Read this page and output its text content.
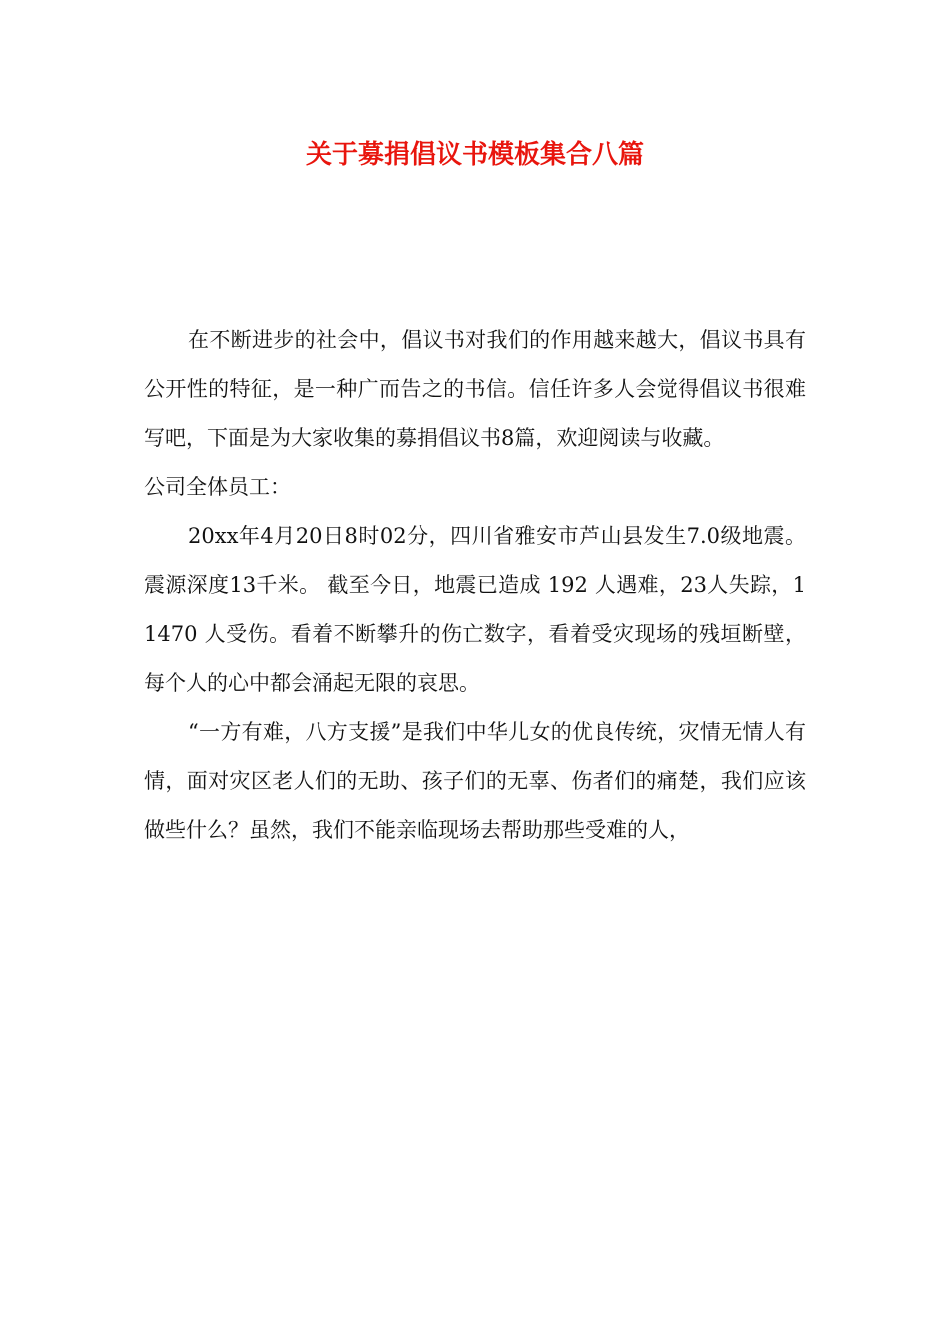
关于募捐倡议书模板集合八篇

在不断进步的社会中，倡议书对我们的作用越来越大，倡议书具有公开性的特征，是一种广而告之的书信。信任许多人会觉得倡议书很难写吧，下面是为大家收集的募捐倡议书8篇，欢迎阅读与收藏。

公司全体员工：

20xx年4月20日8时02分，四川省雅安市芦山县发生7.0级地震。震源深度13千米。 截至今日，地震已造成 192 人遇难，23人失踪，11470 人受伤。看着不断攀升的伤亡数字，看着受灾现场的残垣断壁，每个人的心中都会涌起无限的哀思。

“一方有难，八方支援”是我们中华儿女的优良传统，灾情无情人有情，面对灾区老人们的无助、孩子们的无辜、伤者们的痛楚，我们应该做些什么？虽然，我们不能亲临现场去帮助那些受难的人，
